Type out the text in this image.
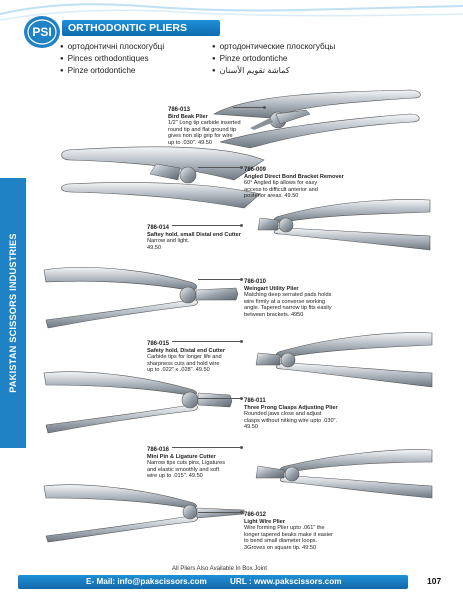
PSI	ORTHODONTIC PLIERS
● ортодонтичні плоскогубці
● Pinces orthodontiques
● Pinze ortodontiche
● ортодонтические плоскогубцы
● Pinze ortodontiche
● كماشة تقويم الأسنان
PAKISTAN SCISSORS INDUSTRIES
786-013
Bird Beak Plier
1/2" Long tip carbide inserted
round tip and flat ground tip
gives non slip grip for wire
up to .030". 49.50
786-009
Angled Direct Bond Bracket Remover
60° Angled tip allows for easy
access to difficult anterior and
posterior areas. 49.50
786-014
Saftey hold, small Distal end Cutter
Narrow and light.
49.50
786-010
Weingart Utility Plier
Matching deep serrated pads holds
wire firmly at a converse working
angle. Tapered narrow tip fits easily
between brackets. 4950
786-015
Safety hold, Distal end Cutter
Carbide tips for longer life and
sharpness cuts and hold wire
up to .022" x .028". 49.50
786-011
Three Prong Clasps Adjusting Plier
Rounded jaws close and adjust
clasps without nitking wire upto .030".
49.50
786-016
Mini Pin & Ligature Cutter
Narrow tips cuts pins, Ligatures
and elastic smoothly and soft
wire up to .015". 49.50
786-012
Light Wire Plier
Wire forming Plier upto .061" the
longer tapered beaks make it easier
to bend small diameter loops.
3Groves on square tip. 49.50
All Pliers Also Available In Box Joint
E- Mail: info@pakscissors.com	URL : www.pakscissors.com	107
